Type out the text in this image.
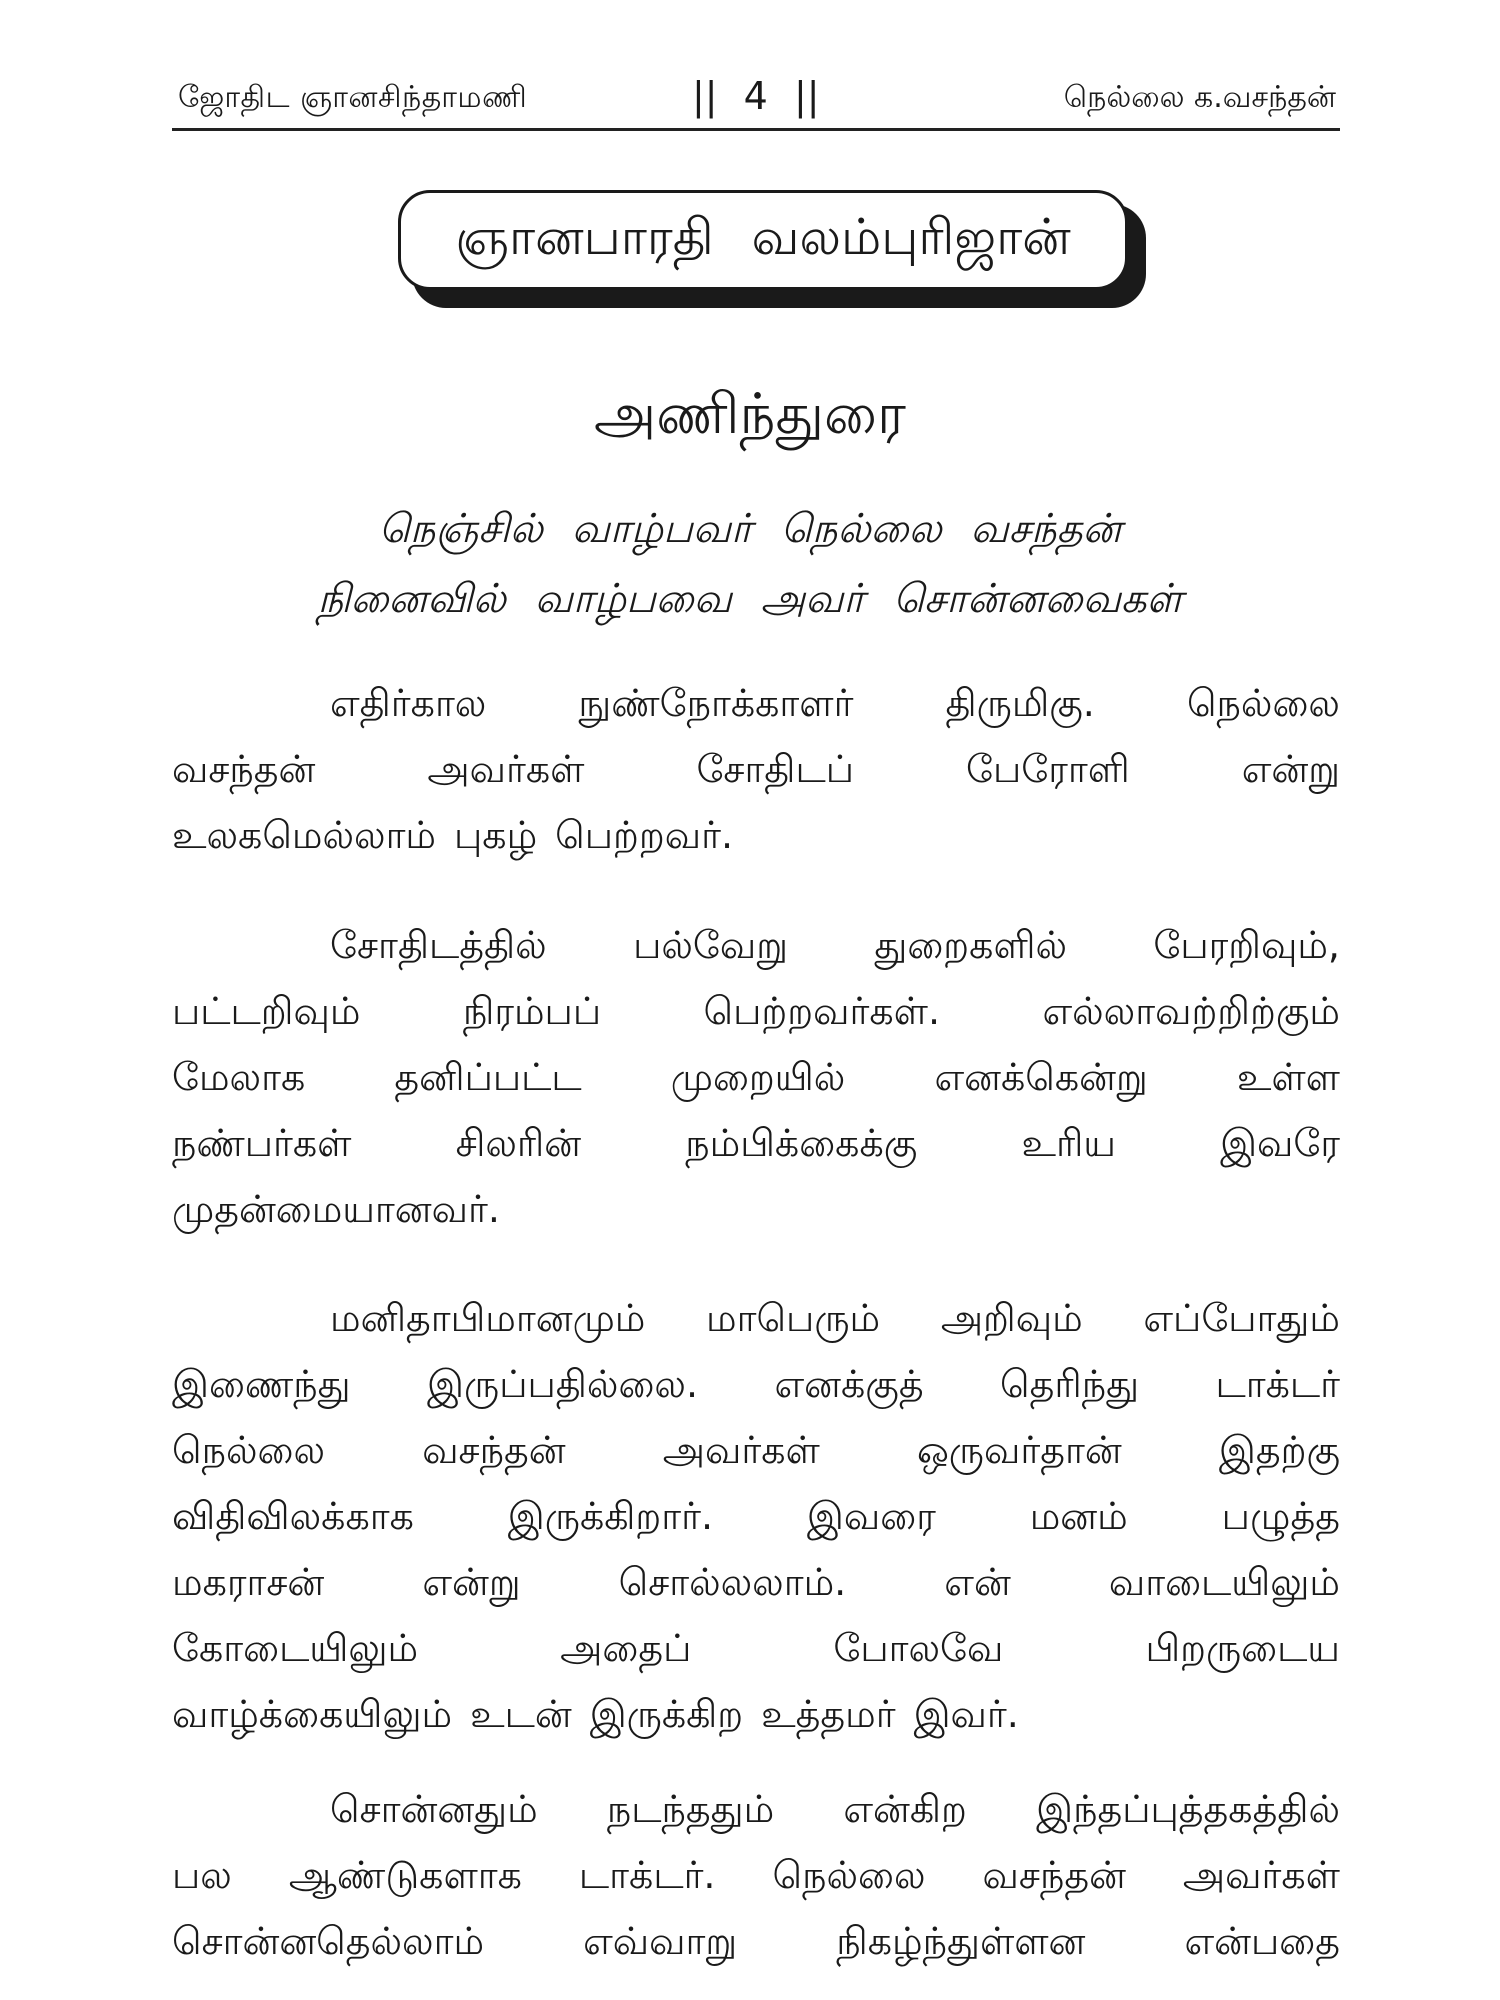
ஜோதிட ஞானசிந்தாமணி	|| 4 ||	நெல்லை க.வசந்தன்
ஞானபாரதி வலம்புரிஜான்
அணிந்துரை
நெஞ்சில் வாழ்பவர் நெல்லை வசந்தன்
நினைவில் வாழ்பவை அவர் சொன்னவைகள்
எதிர்கால நுண்நோக்காளர் திருமிகு. நெல்லை
வசந்தன்	அவர்கள்	சோதிடப்	பேரோளி	என்று
உலகமெல்லாம் புகழ் பெற்றவர்.
சோதிடத்தில் பல்வேறு துறைகளில் பேரறிவும்,
பட்டறிவும்	நிரம்பப்	பெற்றவர்கள்.	எல்லாவற்றிற்கும்
மேலாக தனிப்பட்ட முறையில் எனக்கென்று உள்ள
நண்பர்கள்	சிலரின்	நம்பிக்கைக்கு	உரிய	இவரே
முதன்மையானவர்.
மனிதாபிமானமும் மாபெரும் அறிவும் எப்போதும்
இணைந்து இருப்பதில்லை. எனக்குத் தெரிந்து டாக்டர்
நெல்லை	வசந்தன்	அவர்கள்	ஒருவர்தான்	இதற்கு
விதிவிலக்காக இருக்கிறார். இவரை மனம் பழுத்த
மகராசன்	என்று	சொல்லலாம்.	என்	வாடையிலும்
கோடையிலும்	அதைப்	போலவே	பிறருடைய
வாழ்க்கையிலும் உடன் இருக்கிற உத்தமர் இவர்.
சொன்னதும் நடந்ததும் என்கிற இந்தப்புத்தகத்தில்
பல ஆண்டுகளாக டாக்டர். நெல்லை வசந்தன் அவர்கள்
சொன்னதெல்லாம்	எவ்வாறு	நிகழ்ந்துள்ளன	என்பதை
